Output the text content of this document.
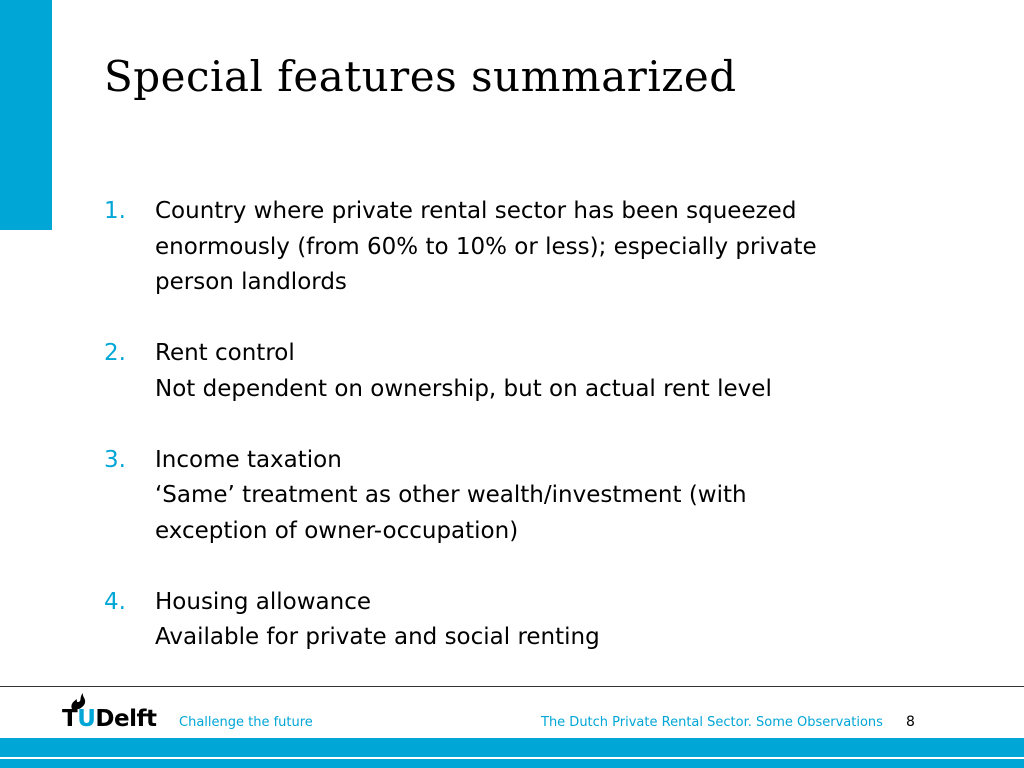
Special features summarized
1.	Country where private rental sector has been squeezed
enormously (from 60% to 10% or less); especially private
person landlords
2.	Rent control
Not dependent on ownership, but on actual rent level
3.	Income taxation
‘Same’ treatment as other wealth/investment (with
exception of owner-occupation)
4.	Housing allowance
Available for private and social renting
TUDelft Challenge the future	The Dutch Private Rental Sector. Some Observations 8
